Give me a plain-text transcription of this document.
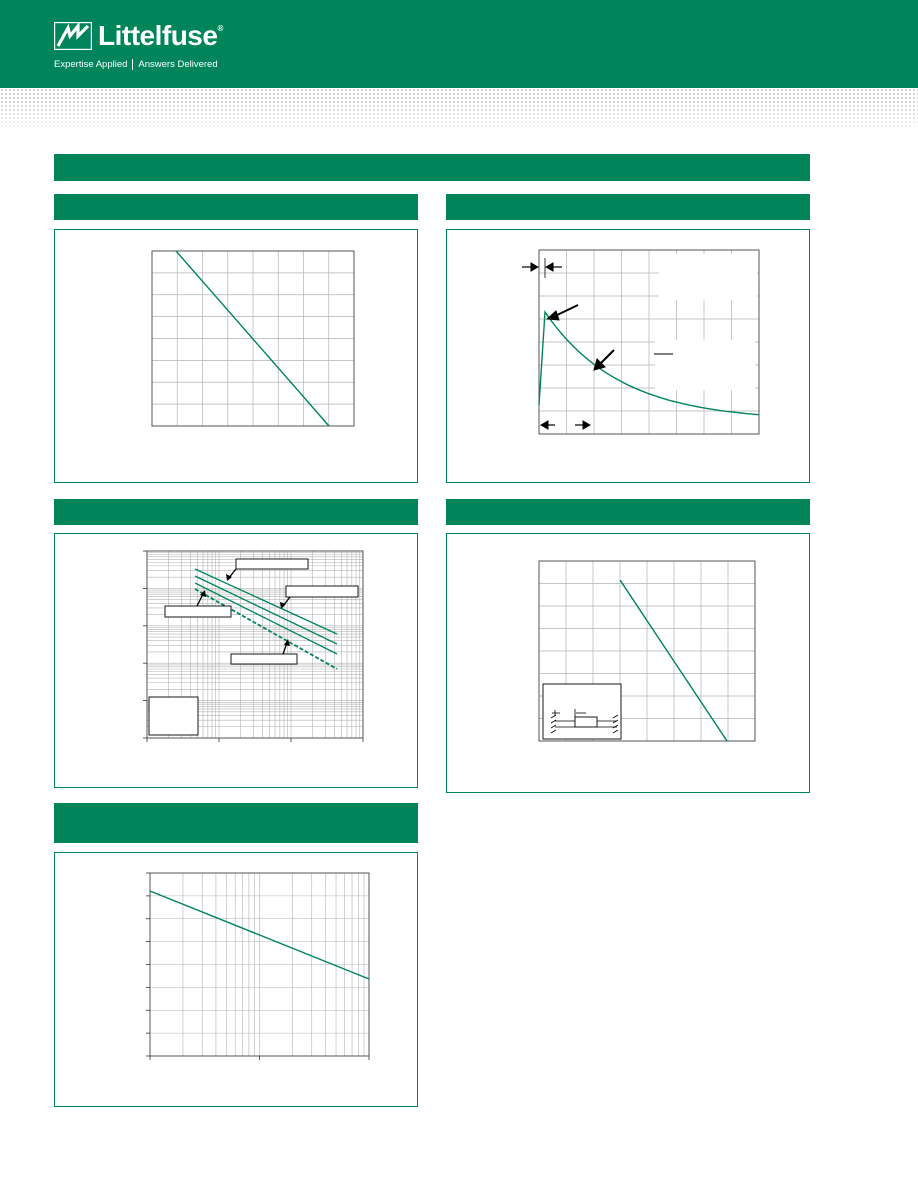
Littelfuse®
Expertise Applied Answers Delivered
